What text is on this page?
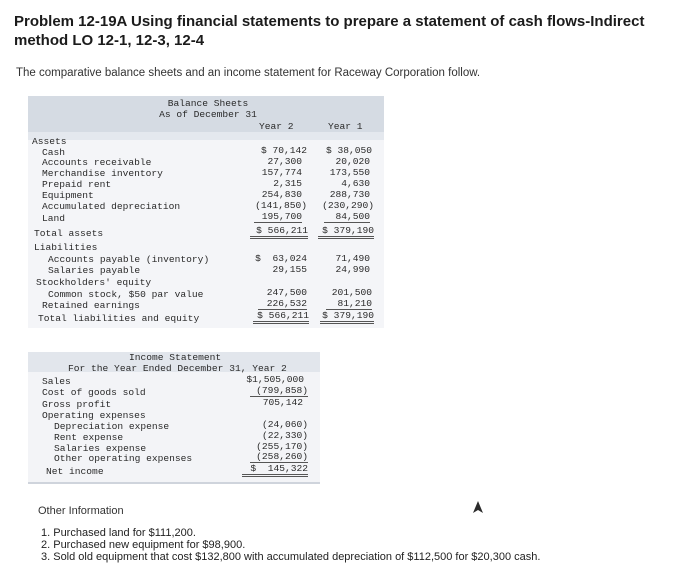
Problem 12-19A Using financial statements to prepare a statement of cash flows-Indirect method LO 12-1, 12-3, 12-4
The comparative balance sheets and an income statement for Raceway Corporation follow.
Balance Sheets
As of December 31
Year 2	Year 1
Assets
Cash	$ 70,142	$ 38,050
Accounts receivable	27,300	20,020
Merchandise inventory	157,774	173,550
Prepaid rent	2,315	4,630
Equipment	254,830	288,730
Accumulated depreciation	(141,850)	(230,290)
Land	195,700	84,500
Total assets	$ 566,211	$ 379,190
Liabilities
Accounts payable (inventory)	$  63,024	71,490
Salaries payable	29,155	24,990
Stockholders' equity
Common stock, $50 par value	247,500	201,500
Retained earnings	226,532	81,210
Total liabilities and equity	$ 566,211 $ 379,190
Income Statement
For the Year Ended December 31, Year 2
Sales	$1,505,000
Cost of goods sold	(799,858)
Gross profit	705,142
Operating expenses
Depreciation expense	(24,060)
Rent expense	(22,330)
Salaries expense	(255,170)
Other operating expenses	(258,260)
Net income	$  145,322
Other Information
1. Purchased land for $111,200.
2. Purchased new equipment for $98,900.
3. Sold old equipment that cost $132,800 with accumulated depreciation of $112,500 for $20,300 cash.
